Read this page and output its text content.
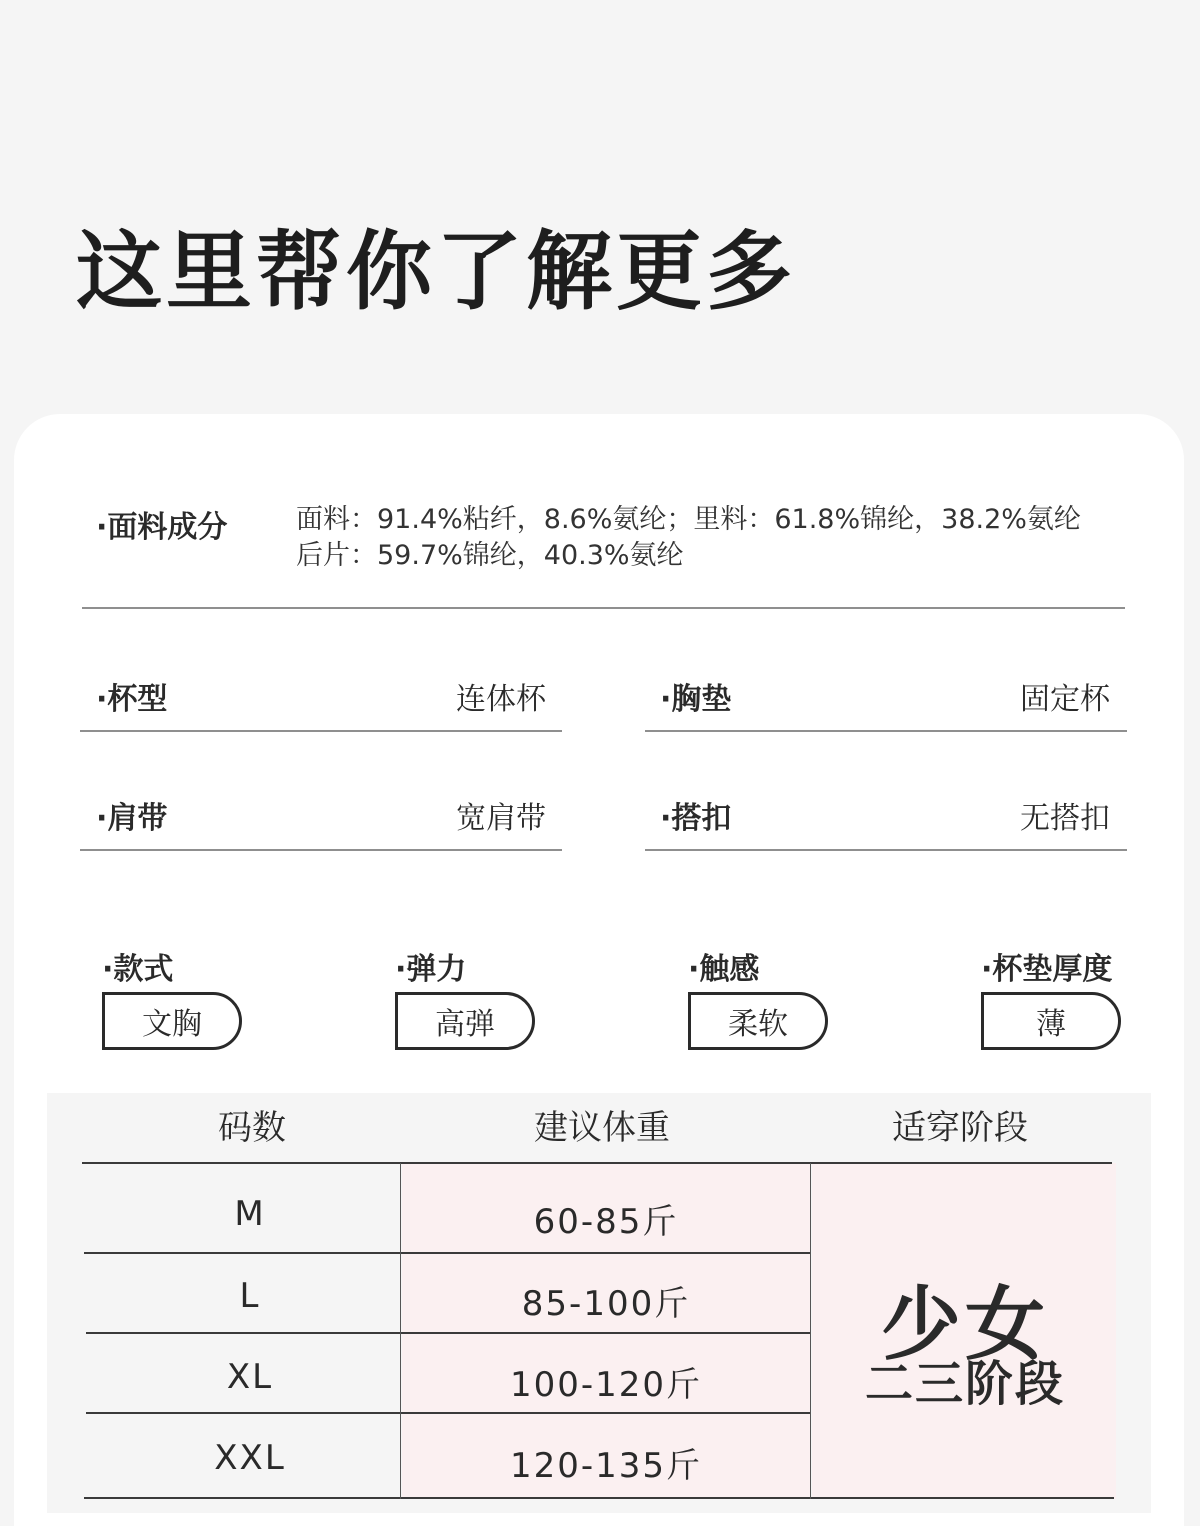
这里帮你了解更多
·面料成分	面料：91.4%粘纤，8.6%氨纶；里料：61.8%锦纶，38.2%氨纶
后片：59.7%锦纶，40.3%氨纶
·杯型	连体杯	·胸垫	固定杯
·肩带	宽肩带	·搭扣	无搭扣
·款式
文胸
·弹力
高弹
·触感
柔软
·杯垫厚度
薄
码数	建议体重	适穿阶段
M	60-85斤
L	85-100斤
XL	100-120斤
XXL	120-135斤
少女
二三阶段
